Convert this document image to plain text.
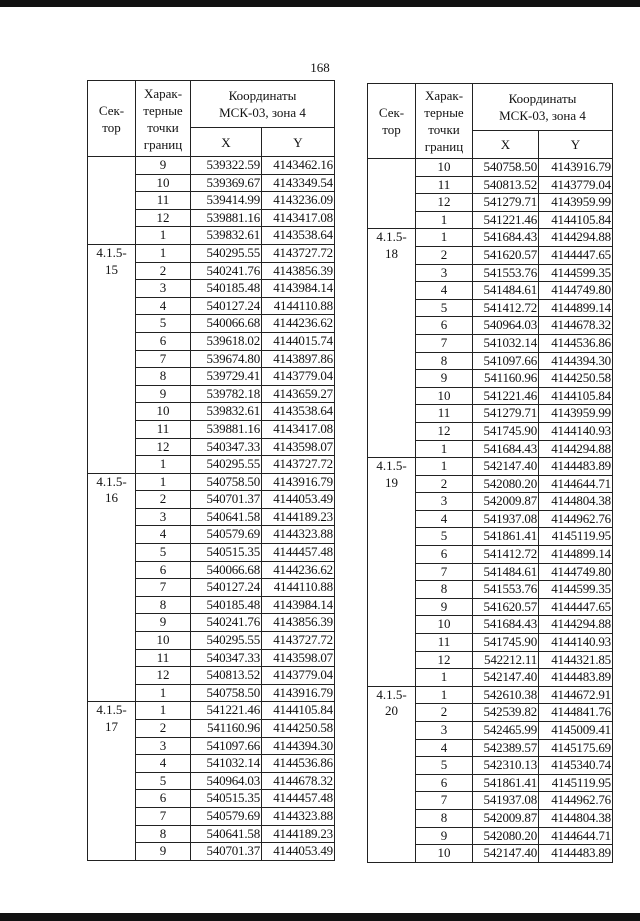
168
Сек-
тор	Харак-
терные
точки
границ	Координаты
МСК-03, зона 4	
		X	Y
	9	539322.59	4143462.16
	10	539369.67	4143349.54
	11	539414.99	4143236.09
	12	539881.16	4143417.08
	1	539832.61	4143538.64
4.1.5-
15	1	540295.55	4143727.72
	2	540241.76	4143856.39
	3	540185.48	4143984.14
	4	540127.24	4144110.88
	5	540066.68	4144236.62
	6	539618.02	4144015.74
	7	539674.80	4143897.86
	8	539729.41	4143779.04
	9	539782.18	4143659.27
	10	539832.61	4143538.64
	11	539881.16	4143417.08
	12	540347.33	4143598.07
	1	540295.55	4143727.72
4.1.5-
16	1	540758.50	4143916.79
	2	540701.37	4144053.49
	3	540641.58	4144189.23
	4	540579.69	4144323.88
	5	540515.35	4144457.48
	6	540066.68	4144236.62
	7	540127.24	4144110.88
	8	540185.48	4143984.14
	9	540241.76	4143856.39
	10	540295.55	4143727.72
	11	540347.33	4143598.07
	12	540813.52	4143779.04
	1	540758.50	4143916.79
4.1.5-
17	1	541221.46	4144105.84
	2	541160.96	4144250.58
	3	541097.66	4144394.30
	4	541032.14	4144536.86
	5	540964.03	4144678.32
	6	540515.35	4144457.48
	7	540579.69	4144323.88
	8	540641.58	4144189.23
	9	540701.37	4144053.49
Сек-
тор	Харак-
терные
точки
границ	Координаты
МСК-03, зона 4	
		X	Y
	10	540758.50	4143916.79
	11	540813.52	4143779.04
	12	541279.71	4143959.99
	1	541221.46	4144105.84
4.1.5-
18	1	541684.43	4144294.88
	2	541620.57	4144447.65
	3	541553.76	4144599.35
	4	541484.61	4144749.80
	5	541412.72	4144899.14
	6	540964.03	4144678.32
	7	541032.14	4144536.86
	8	541097.66	4144394.30
	9	541160.96	4144250.58
	10	541221.46	4144105.84
	11	541279.71	4143959.99
	12	541745.90	4144140.93
	1	541684.43	4144294.88
4.1.5-
19	1	542147.40	4144483.89
	2	542080.20	4144644.71
	3	542009.87	4144804.38
	4	541937.08	4144962.76
	5	541861.41	4145119.95
	6	541412.72	4144899.14
	7	541484.61	4144749.80
	8	541553.76	4144599.35
	9	541620.57	4144447.65
	10	541684.43	4144294.88
	11	541745.90	4144140.93
	12	542212.11	4144321.85
	1	542147.40	4144483.89
4.1.5-
20	1	542610.38	4144672.91
	2	542539.82	4144841.76
	3	542465.99	4145009.41
	4	542389.57	4145175.69
	5	542310.13	4145340.74
	6	541861.41	4145119.95
	7	541937.08	4144962.76
	8	542009.87	4144804.38
	9	542080.20	4144644.71
	10	542147.40	4144483.89
